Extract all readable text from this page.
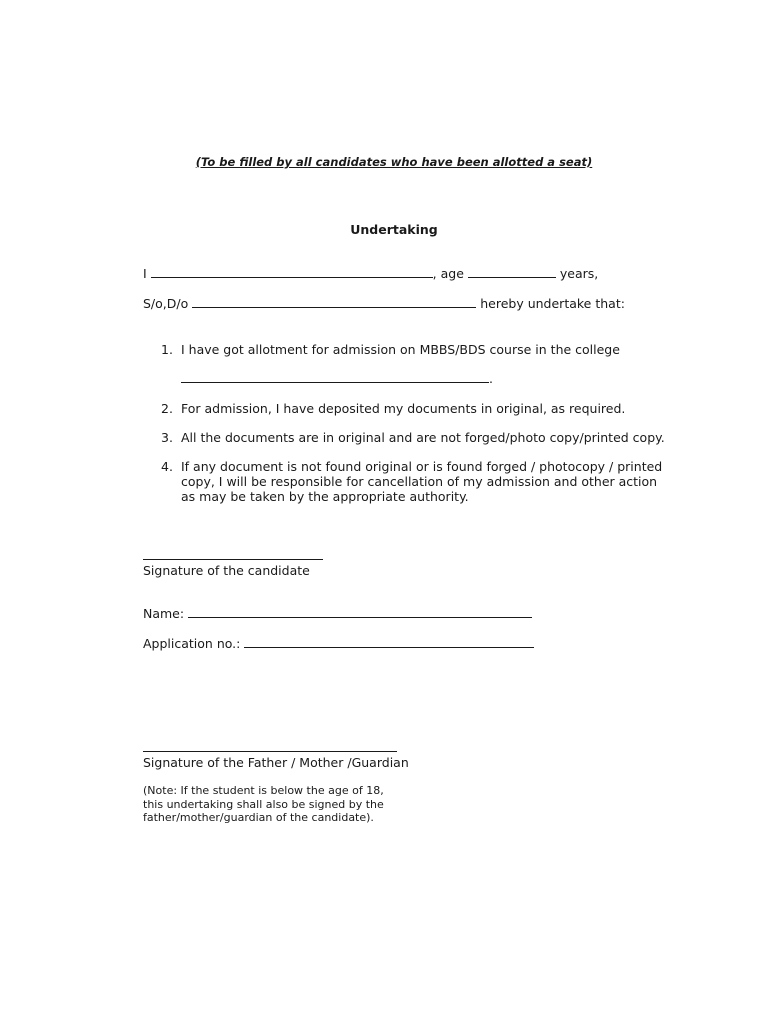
(To be filled by all candidates who have been allotted a seat)
Undertaking
I	, age	years,
S/o,D/o	hereby undertake that:
1. I have got allotment for admission on MBBS/BDS course in the college
.
2. For admission, I have deposited my documents in original, as required.
3. All the documents are in original and are not forged/photo copy/printed copy.
4. If any document is not found original or is found forged / photocopy / printed
copy, I will be responsible for cancellation of my admission and other action
as may be taken by the appropriate authority.
Signature of the candidate
Name:
Application no.:
Signature of the Father / Mother /Guardian
(Note: If the student is below the age of 18,
this undertaking shall also be signed by the
father/mother/guardian of the candidate).
